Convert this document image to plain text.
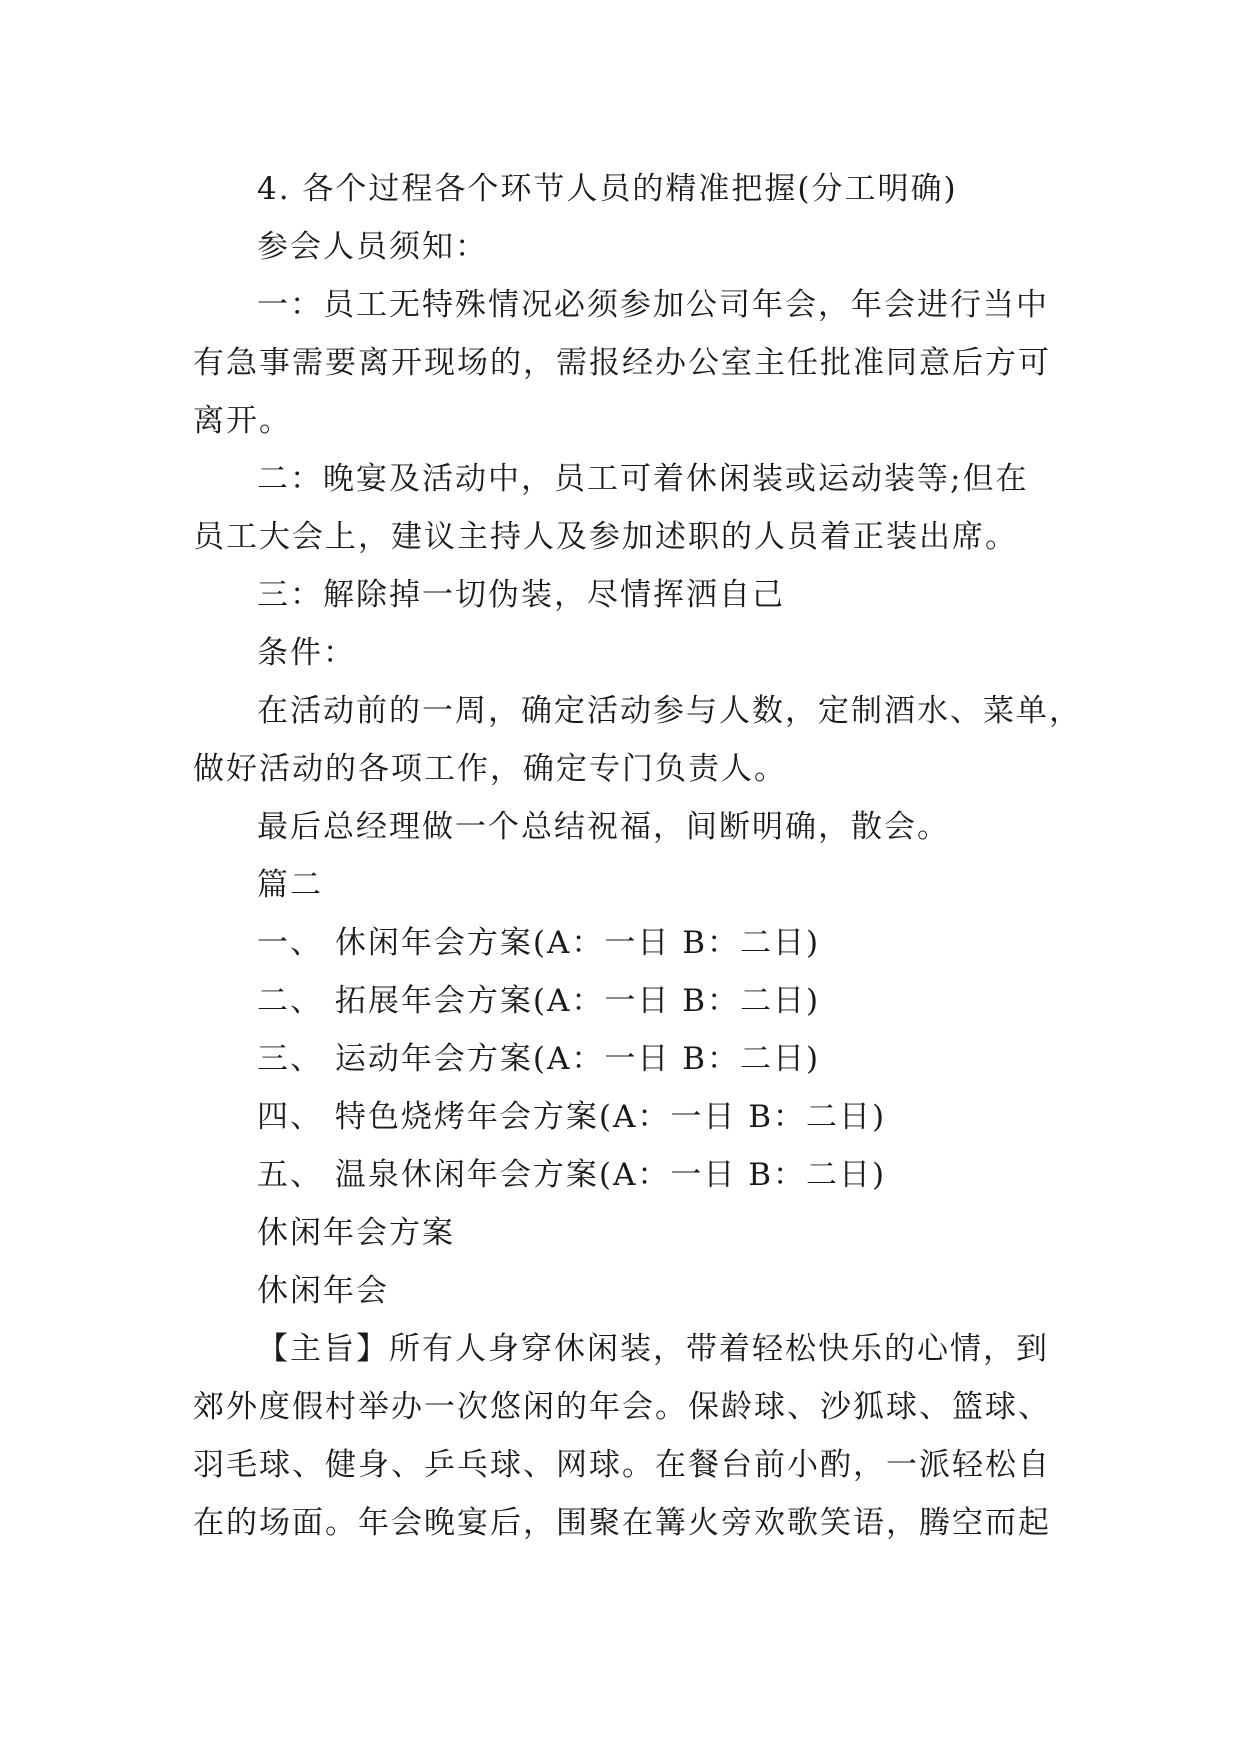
4. 各个过程各个环节人员的精准把握(分工明确)
参会人员须知：
一：员工无特殊情况必须参加公司年会，年会进行当中
有急事需要离开现场的，需报经办公室主任批准同意后方可
离开。
二：晚宴及活动中，员工可着休闲装或运动装等;但在
员工大会上，建议主持人及参加述职的人员着正装出席。
三：解除掉一切伪装，尽情挥洒自己
条件：
在活动前的一周，确定活动参与人数，定制酒水、菜单，
做好活动的各项工作，确定专门负责人。
最后总经理做一个总结祝福，间断明确，散会。
篇二
一、 休闲年会方案(A：一日 B：二日)
二、 拓展年会方案(A：一日 B：二日)
三、 运动年会方案(A：一日 B：二日)
四、 特色烧烤年会方案(A：一日 B：二日)
五、 温泉休闲年会方案(A：一日 B：二日)
休闲年会方案
休闲年会
【主旨】所有人身穿休闲装，带着轻松快乐的心情，到
郊外度假村举办一次悠闲的年会。保龄球、沙狐球、篮球、
羽毛球、健身、乒乓球、网球。在餐台前小酌，一派轻松自
在的场面。年会晚宴后，围聚在篝火旁欢歌笑语，腾空而起
